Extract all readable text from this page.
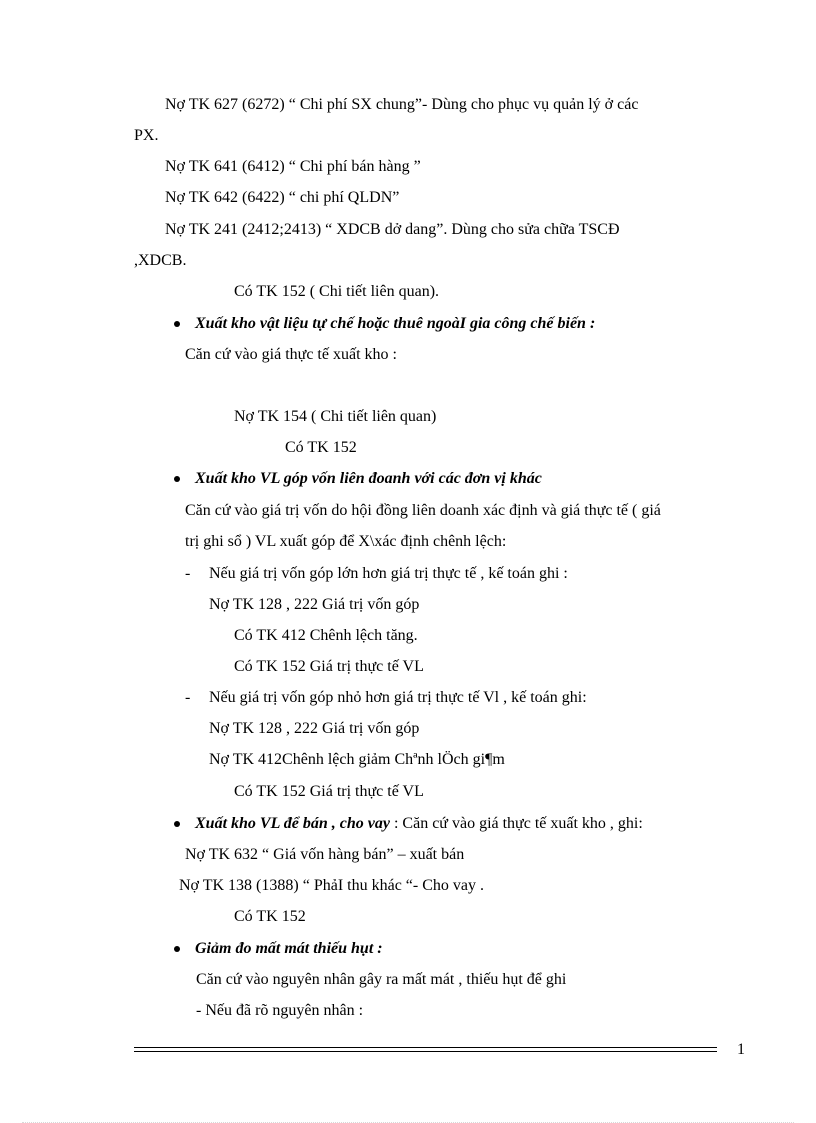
Nợ TK 627 (6272) “ Chi phí SX chung”- Dùng cho phục vụ quản lý ở các
PX.
Nợ TK 641 (6412) “ Chi phí bán hàng ”
Nợ TK 642 (6422) “ chi phí QLDN”
Nợ TK 241 (2412;2413) “ XDCB dở dang”. Dùng cho sửa chữa TSCĐ
,XDCB.
Có TK 152 ( Chi tiết liên quan).
Xuất kho vật liệu tự chế hoặc thuê ngoàI gia công chế biến :
Căn cứ vào giá thực tế xuất kho :
Nợ TK 154 ( Chi tiết liên quan)
Có TK 152
Xuất kho VL góp vốn liên đoanh với các đơn vị khác
Căn cứ vào giá trị vốn do hội đồng liên doanh xác định và giá thực tế ( giá
trị ghi sổ ) VL xuất góp để X\xác định chênh lệch:
- Nếu giá trị vốn góp lớn hơn giá trị thực tế , kế toán ghi :
Nợ TK 128 , 222 Giá trị vốn góp
Có TK 412 Chênh lệch tăng.
Có TK 152 Giá trị thực tế VL
- Nếu giá trị vốn góp nhỏ hơn giá trị thực tế Vl , kế toán ghi:
Nợ TK 128 , 222 Giá trị vốn góp
Nợ TK 412Chênh lệch giảm Chªnh lÖch gi¶m
Có TK 152 Giá trị thực tế VL
Xuất kho VL để bán , cho vay : Căn cứ vào giá thực tế xuất kho , ghi:
Nợ TK 632 “ Giá vốn hàng bán” – xuất bán
Nợ TK 138 (1388) “ PhảI thu khác “- Cho vay .
Có TK 152
Giảm đo mất mát thiếu hụt :
Căn cứ vào nguyên nhân gây ra mất mát , thiếu hụt để ghi
- Nếu đã rõ nguyên nhân :
1
